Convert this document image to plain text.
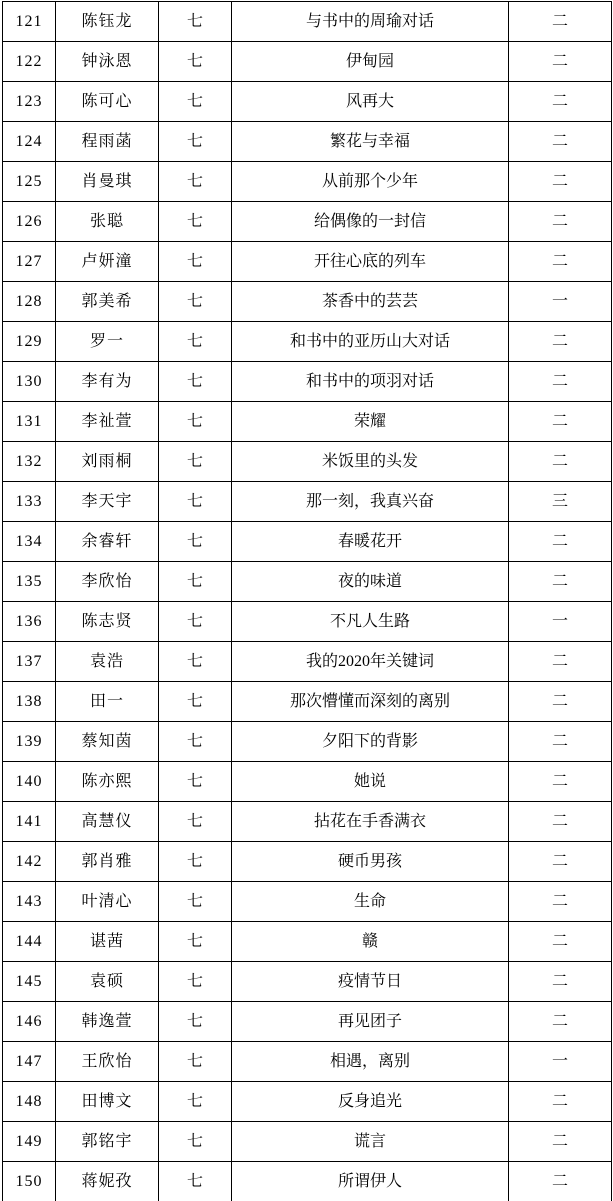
121	陈钰龙	七	与书中的周瑜对话	二
122	钟泳恩	七	伊甸园	二
123	陈可心	七	风再大	二
124	程雨菡	七	繁花与幸福	二
125	肖曼琪	七	从前那个少年	二
126	张聪	七	给偶像的一封信	二
127	卢妍潼	七	开往心底的列车	二
128	郭美希	七	茶香中的芸芸	一
129	罗一	七	和书中的亚历山大对话	二
130	李有为	七	和书中的项羽对话	二
131	李祉萱	七	荣耀	二
132	刘雨桐	七	米饭里的头发	二
133	李天宇	七	那一刻，我真兴奋	三
134	余睿轩	七	春暖花开	二
135	李欣怡	七	夜的味道	二
136	陈志贤	七	不凡人生路	一
137	袁浩	七	我的2020年关键词	二
138	田一	七	那次懵懂而深刻的离别	二
139	蔡知茵	七	夕阳下的背影	二
140	陈亦熙	七	她说	二
141	高慧仪	七	拈花在手香满衣	二
142	郭肖雅	七	硬币男孩	二
143	叶清心	七	生命	二
144	谌茜	七	赣	二
145	袁硕	七	疫情节日	二
146	韩逸萱	七	再见团子	二
147	王欣怡	七	相遇，离别	一
148	田博文	七	反身追光	二
149	郭铭宇	七	谎言	二
150	蒋妮孜	七	所谓伊人	二
